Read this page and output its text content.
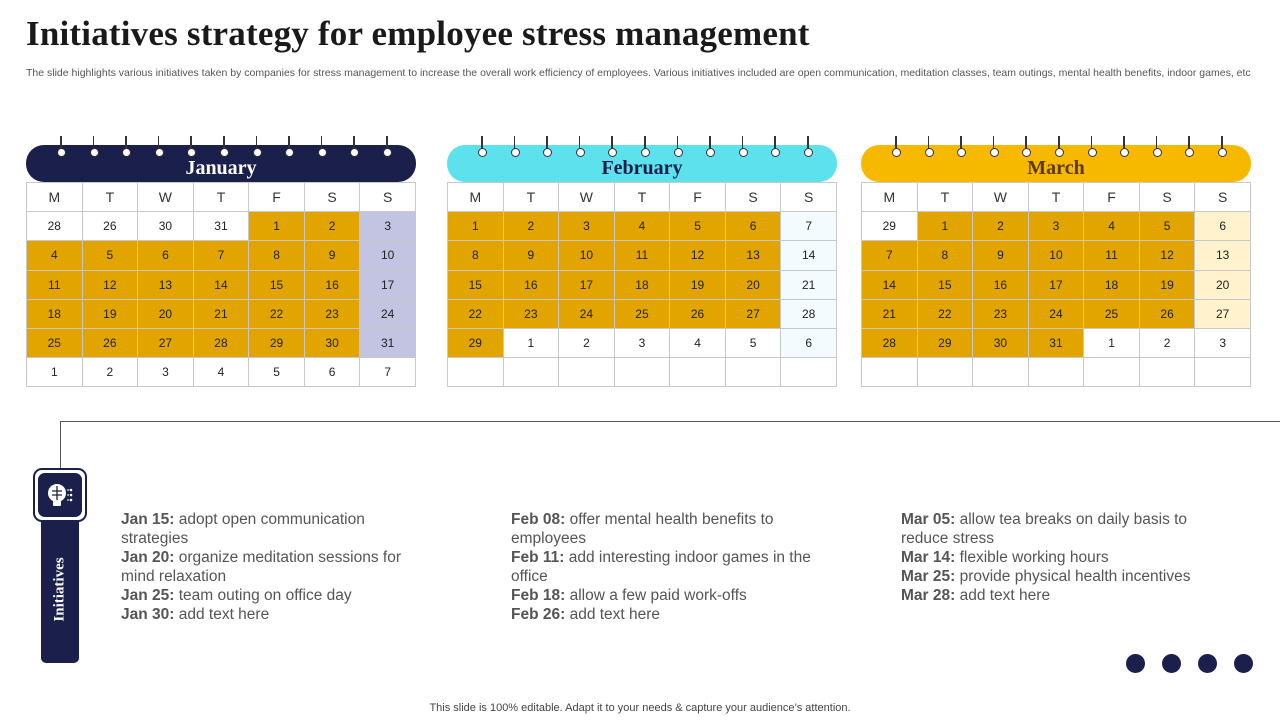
Initiatives strategy for employee stress management
The slide highlights various initiatives taken by companies for stress management to increase the overall work efficiency of employees. Various initiatives included are open communication, meditation classes, team outings, mental health benefits, indoor games, etc
January
M	T	W	T	F	S	S
28	26	30	31	1	2	3
4	5	6	7	8	9	10
11	12	13	14	15	16	17
18	19	20	21	22	23	24
25	26	27	28	29	30	31
1	2	3	4	5	6	7
February
M	T	W	T	F	S	S
1	2	3	4	5	6	7
8	9	10	11	12	13	14
15	16	17	18	19	20	21
22	23	24	25	26	27	28
29	1	2	3	4	5	6

March
M	T	W	T	F	S	S
29	1	2	3	4	5	6
7	8	9	10	11	12	13
14	15	16	17	18	19	20
21	22	23	24	25	26	27
28	29	30	31	1	2	3

Initiatives

Jan 15: adopt open communication strategies

Jan 20: organize meditation sessions for mind relaxation

Jan 25: team outing on office day

Jan 30: add text here

Feb 08: offer mental health benefits to employees

Feb 11: add interesting indoor games in the office

Feb 18: allow a few paid work-offs

Feb 26: add text here

Mar 05: allow tea breaks on daily basis to reduce stress

Mar 14: flexible working hours

Mar 25: provide physical health incentives

Mar 28: add text here

This slide is 100% editable. Adapt it to your needs & capture your audience’s attention.
